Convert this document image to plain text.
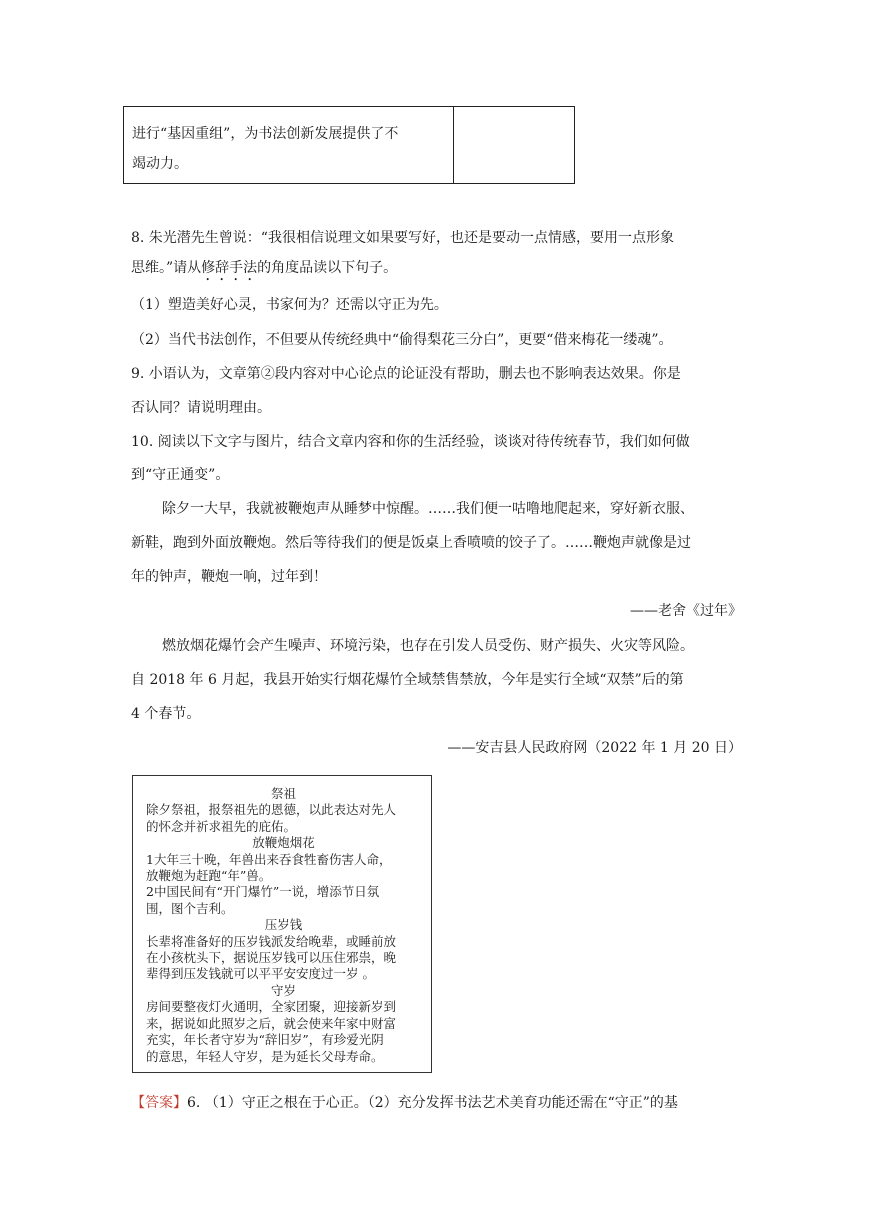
进行“基因重组”，为书法创新发展提供了不
竭动力。
8. 朱光潜先生曾说：“我很相信说理文如果要写好，也还是要动一点情感，要用一点形象
思维。”请从修辞手法的角度品读以下句子。
（1）塑造美好心灵，书家何为？还需以守正为先。
（2）当代书法创作，不但要从传统经典中“偷得梨花三分白”，更要“借来梅花一缕魂”。
9. 小语认为，文章第②段内容对中心论点的论证没有帮助，删去也不影响表达效果。你是
否认同？请说明理由。
10. 阅读以下文字与图片，结合文章内容和你的生活经验，谈谈对待传统春节，我们如何做
到“守正通变”。
除夕一大早，我就被鞭炮声从睡梦中惊醒。……我们便一咕噜地爬起来，穿好新衣服、
新鞋，跑到外面放鞭炮。然后等待我们的便是饭桌上香喷喷的饺子了。……鞭炮声就像是过
年的钟声，鞭炮一响，过年到！
——老舍《过年》
燃放烟花爆竹会产生噪声、环境污染，也存在引发人员受伤、财产损失、火灾等风险。
自 2018 年 6 月起，我县开始实行烟花爆竹全域禁售禁放，今年是实行全域“双禁”后的第
4 个春节。
——安吉县人民政府网（2022 年 1 月 20 日）
祭祖
除夕祭祖，报祭祖先的恩德，以此表达对先人
的怀念并祈求祖先的庇佑。
放鞭炮烟花
1大年三十晚，年兽出来吞食牲畜伤害人命，
放鞭炮为赶跑“年”兽。
2中国民间有“开门爆竹”一说，增添节日氛
围，图个吉利。
压岁钱
长辈将准备好的压岁钱派发给晚辈，或睡前放
在小孩枕头下，据说压岁钱可以压住邪祟，晚
辈得到压发钱就可以平平安安度过一岁 。
守岁
房间要整夜灯火通明，全家团聚，迎接新岁到
来，据说如此照岁之后，就会使来年家中财富
充实，年长者守岁为“辞旧岁”，有珍爱光阴
的意思，年轻人守岁，是为延长父母寿命。
【答案】6. （1）守正之根在于心正。（2）充分发挥书法艺术美育功能还需在“守正”的基
